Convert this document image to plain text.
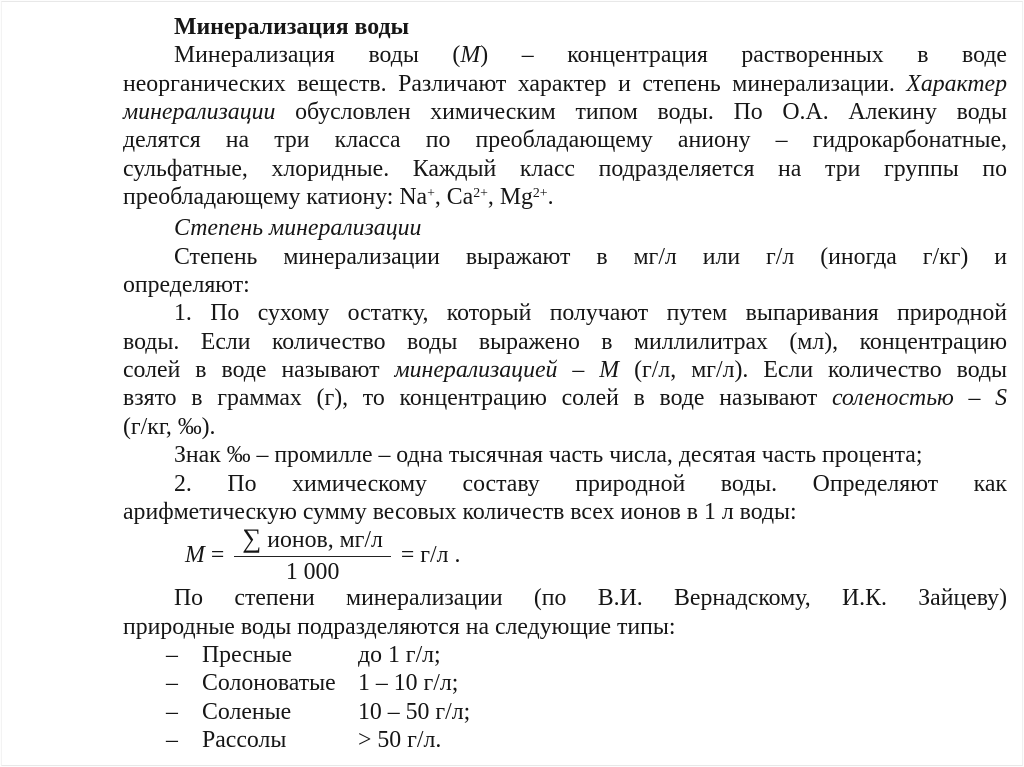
Минерализация воды
Минерализация воды (М) – концентрация растворенных в воде
неорганических веществ. Различают характер и степень минерализации. Характер
минерализации обусловлен химическим типом воды. По О.А. Алекину воды
делятся на три класса по преобладающему аниону – гидрокарбонатные,
сульфатные, хлоридные. Каждый класс подразделяется на три группы по
преобладающему катиону: Na+, $Ca^{2+}$, $Mg^{2+}$.
Степень минерализации
Степень минерализации выражают в мг/л или г/л (иногда г/кг) и
определяют:
1. По сухому остатку, который получают путем выпаривания природной
воды. Если количество воды выражено в миллилитрах (мл), концентрацию
солей в воде называют минерализацией – М (г/л, мг/л). Если количество воды
взято в граммах (г), то концентрацию солей в воде называют соленостью – S
(г/кг, ‰).
Знак ‰ – промилле – одна тысячная часть числа, десятая часть процента;
2. По химическому составу природной воды. Определяют как
арифметическую сумму весовых количеств всех ионов в 1 л воды:
$М = \frac{\text{∑ ионов, мг/л}}{1 000} = г/л$ .
По степени минерализации (по В.И. Вернадскому, И.К. Зайцеву)
природные воды подразделяются на следующие типы:
–	Пресные	до 1 г/л;
–	Солоноватые 1 – 10 г/л;
–	Соленые	10 – 50 г/л;
–	Рассолы	> 50 г/л.
